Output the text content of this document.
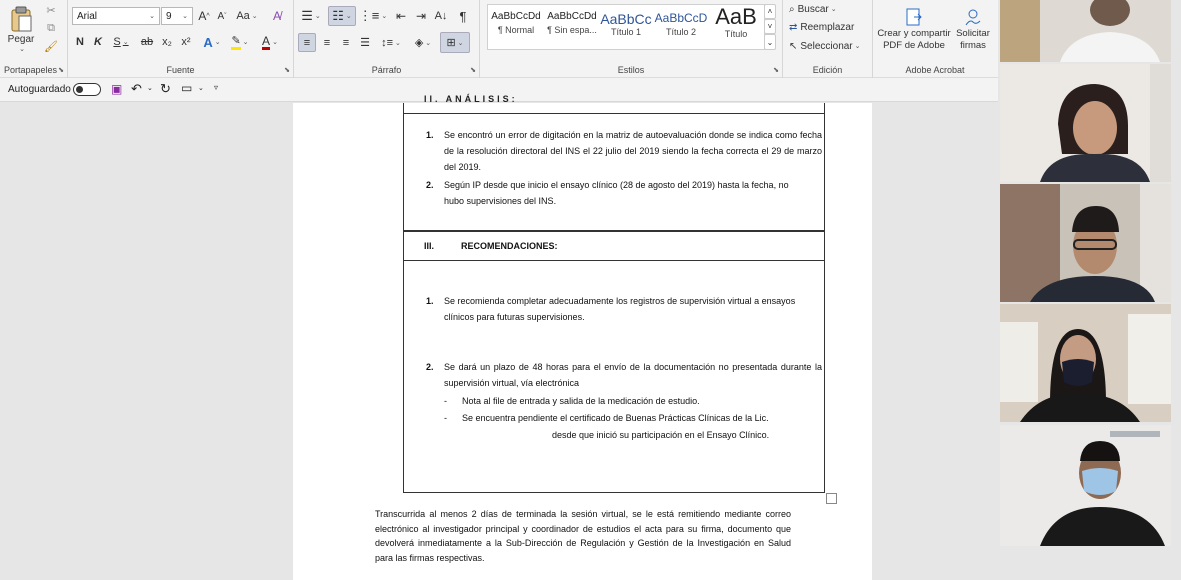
Pegar
⌄
✂
⧉
🖌
Portapapeles ⬊
Arial	⌄ 9 ⌄ A ^ A ˇ Aa ⌄ A̸
N K S ⌄ ab x₂ x² A ⌄ ✎ ⌄ A ⌄
Fuente	⬊
☰ ⌄ ☷ ⌄ ⋮≡ ⌄ ⇤ ⇥ A↓ ¶
≡ ≡ ≡ ☰ ↕≡ ⌄ ◈ ⌄ ⊞ ⌄
Párrafo	⬊
AaBbCcDd
¶ Normal
AaBbCcDd
¶ Sin espa...
AaBbCc
Título 1
AaBbCcD
Título 2
AaB
Título
˄
˅
⌄
Estilos	⬊
⌕ Buscar ⌄
⇄ Reemplazar
↖ Seleccionar ⌄
Edición
Crear y compartir PDF de Adobe
Solicitar firmas
Adobe Acrobat
Autoguardado	▣ ↶ ⌄ ↻ ▭ ⌄ ▿
II. ANÁLISIS:
1. Se encontró un error de digitación en la matriz de autoevaluación donde se indica como fecha de la resolución directoral del INS el 22 julio del 2019 siendo la fecha correcta el 29 de marzo del 2019.
2. Según IP desde que inicio el ensayo clínico (28 de agosto del 2019) hasta la fecha, no hubo supervisiones del INS.
III.	RECOMENDACIONES:
1. Se recomienda completar adecuadamente los registros de supervisión virtual a ensayos clínicos para futuras supervisiones.
2. Se dará un plazo de 48 horas para el envío de la documentación no presentada durante la supervisión virtual, vía electrónica
- Nota al file de entrada y salida de la medicación de estudio.
- Se encuentra pendiente el certificado de Buenas Prácticas Clínicas de la Lic.
desde que inició su participación en el Ensayo Clínico.
Transcurrida al menos 2 días de terminada la sesión virtual, se le está remitiendo mediante correo electrónico al investigador principal y coordinador de estudios el acta para su firma, documento que devolverá inmediatamente a la Sub-Dirección de Regulación y Gestión de la Investigación en Salud para las firmas respectivas.
